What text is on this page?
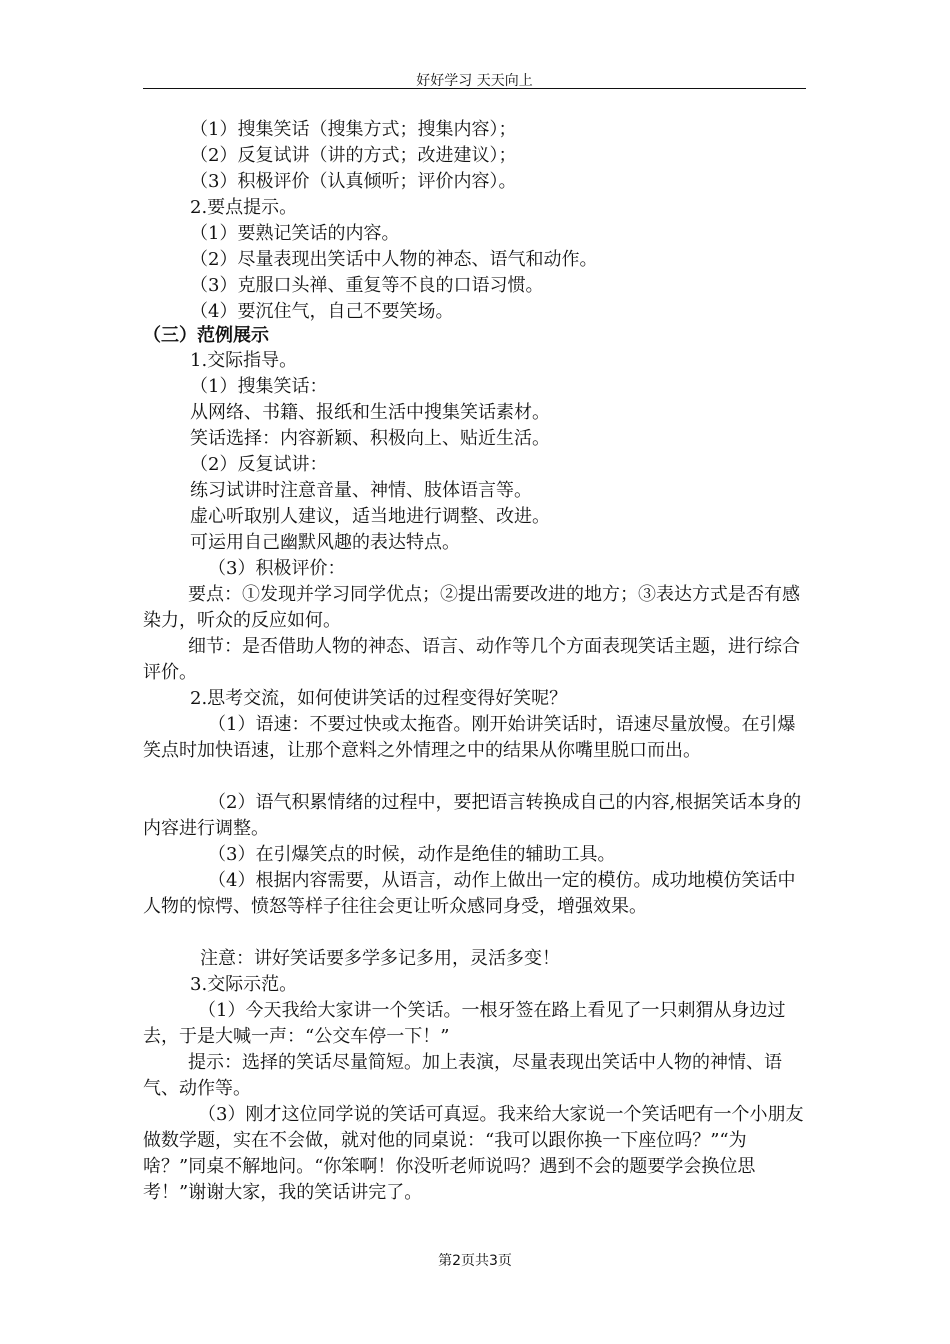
好好学习 天天向上
（1）搜集笑话（搜集方式；搜集内容）；
（2）反复试讲（讲的方式；改进建议）；
（3）积极评价（认真倾听；评价内容）。
2.要点提示。
（1）要熟记笑话的内容。
（2）尽量表现出笑话中人物的神态、语气和动作。
（3）克服口头禅、重复等不良的口语习惯。
（4）要沉住气，自己不要笑场。
（三）范例展示
1.交际指导。
（1）搜集笑话：
从网络、书籍、报纸和生活中搜集笑话素材。
笑话选择：内容新颖、积极向上、贴近生活。
（2）反复试讲：
练习试讲时注意音量、神情、肢体语言等。
虚心听取别人建议，适当地进行调整、改进。
可运用自己幽默风趣的表达特点。
（3）积极评价：
要点：①发现并学习同学优点；②提出需要改进的地方；③表达方式是否有感染力，听众的反应如何。
细节：是否借助人物的神态、语言、动作等几个方面表现笑话主题，进行综合评价。
2.思考交流，如何使讲笑话的过程变得好笑呢？
（1）语速：不要过快或太拖沓。刚开始讲笑话时，语速尽量放慢。在引爆笑点时加快语速，让那个意料之外情理之中的结果从你嘴里脱口而出。
（2）语气积累情绪的过程中，要把语言转换成自己的内容,根据笑话本身的内容进行调整。
（3）在引爆笑点的时候，动作是绝佳的辅助工具。
（4）根据内容需要，从语言，动作上做出一定的模仿。成功地模仿笑话中人物的惊愕、愤怒等样子往往会更让听众感同身受，增强效果。
注意：讲好笑话要多学多记多用，灵活多变！
3.交际示范。
（1）今天我给大家讲一个笑话。一根牙签在路上看见了一只刺猬从身边过去，于是大喊一声：“公交车停一下！”
提示：选择的笑话尽量简短。加上表演，尽量表现出笑话中人物的神情、语气、动作等。
（3）刚才这位同学说的笑话可真逗。我来给大家说一个笑话吧有一个小朋友做数学题，实在不会做，就对他的同桌说：“我可以跟你换一下座位吗？”“为啥？”同桌不解地问。“你笨啊！你没听老师说吗？遇到不会的题要学会换位思考！”谢谢大家，我的笑话讲完了。
第2页共3页
